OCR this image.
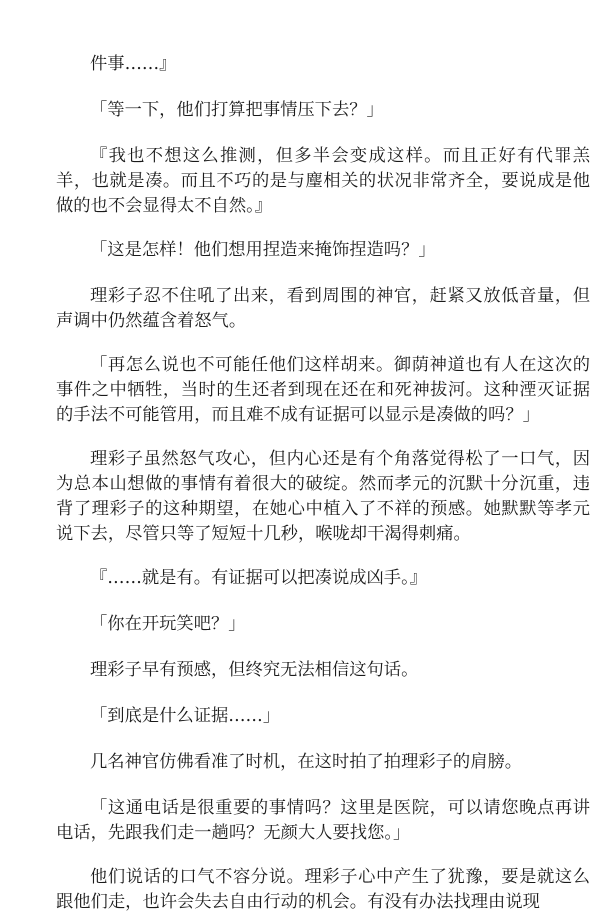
件事……』

「等一下，他们打算把事情压下去？」

『我也不想这么推测，但多半会变成这样。而且正好有代罪羔羊，也就是凑。而且不巧的是与麈相关的状况非常齐全，要说成是他做的也不会显得太不自然。』

「这是怎样！他们想用捏造来掩饰捏造吗？」

理彩子忍不住吼了出来，看到周围的神官，赶紧又放低音量，但声调中仍然蕴含着怒气。

「再怎么说也不可能任他们这样胡来。御荫神道也有人在这次的事件之中牺牲，当时的生还者到现在还在和死神拔河。这种湮灭证据的手法不可能管用，而且难不成有证据可以显示是凑做的吗？」

理彩子虽然怒气攻心，但内心还是有个角落觉得松了一口气，因为总本山想做的事情有着很大的破绽。然而孝元的沉默十分沉重，违背了理彩子的这种期望，在她心中植入了不祥的预感。她默默等孝元说下去，尽管只等了短短十几秒，喉咙却干渴得刺痛。

『……就是有。有证据可以把凑说成凶手。』

「你在开玩笑吧？」

理彩子早有预感，但终究无法相信这句话。

「到底是什么证据……」

几名神官仿佛看准了时机，在这时拍了拍理彩子的肩膀。

「这通电话是很重要的事情吗？这里是医院，可以请您晚点再讲电话，先跟我们走一趟吗？无颜大人要找您。」

他们说话的口气不容分说。理彩子心中产生了犹豫，要是就这么跟他们走，也许会失去自由行动的机会。有没有办法找理由说现
